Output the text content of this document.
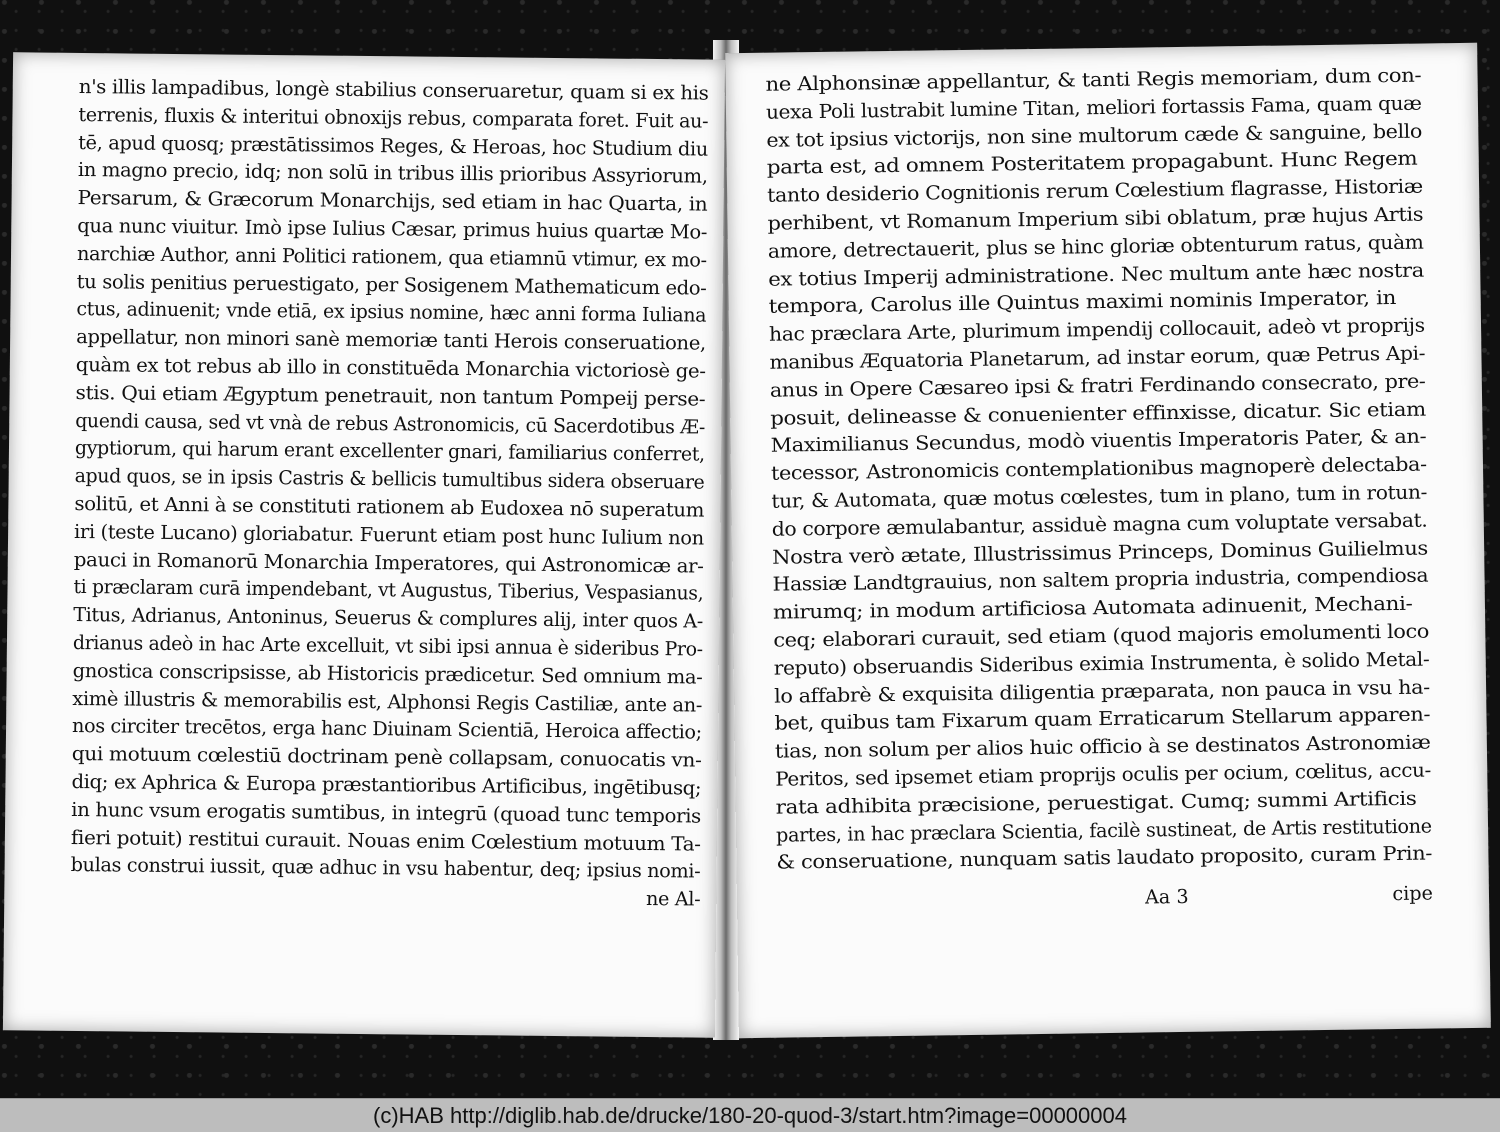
n's illis lampadibus, longè stabilius conseruaretur, quam si ex his
terrenis, fluxis & interitui obnoxijs rebus, comparata foret. Fuit au-
tē, apud quosq; præstātissimos Reges, & Heroas, hoc Studium diu
in magno precio, idq; non solū in tribus illis prioribus Assyriorum,
Persarum, & Græcorum Monarchijs, sed etiam in hac Quarta, in
qua nunc viuitur. Imò ipse Iulius Cæsar, primus huius quartæ Mo-
narchiæ Author, anni Politici rationem, qua etiamnū vtimur, ex mo-
tu solis penitius peruestigato, per Sosigenem Mathematicum edo-
ctus, adinuenit; vnde etiā, ex ipsius nomine, hæc anni forma Iuliana
appellatur, non minori sanè memoriæ tanti Herois conseruatione,
quàm ex tot rebus ab illo in constituēda Monarchia victoriosè ge-
stis. Qui etiam Ægyptum penetrauit, non tantum Pompeij perse-
quendi causa, sed vt vnà de rebus Astronomicis, cū Sacerdotibus Æ-
gyptiorum, qui harum erant excellenter gnari, familiarius conferret,
apud quos, se in ipsis Castris & bellicis tumultibus sidera obseruare
solitū, et Anni à se constituti rationem ab Eudoxea nō superatum
iri (teste Lucano) gloriabatur. Fuerunt etiam post hunc Iulium non
pauci in Romanorū Monarchia Imperatores, qui Astronomicæ ar-
ti præclaram curā impendebant, vt Augustus, Tiberius, Vespasianus,
Titus, Adrianus, Antoninus, Seuerus & complures alij, inter quos A-
drianus adeò in hac Arte excelluit, vt sibi ipsi annua è sideribus Pro-
gnostica conscripsisse, ab Historicis prædicetur. Sed omnium ma-
ximè illustris & memorabilis est, Alphonsi Regis Castiliæ, ante an-
nos circiter trecētos, erga hanc Diuinam Scientiā, Heroica affectio;
qui motuum cœlestiū doctrinam penè collapsam, conuocatis vn-
diq; ex Aphrica & Europa præstantioribus Artificibus, ingētibusq;
in hunc vsum erogatis sumtibus, in integrū (quoad tunc temporis
fieri potuit) restitui curauit. Nouas enim Cœlestium motuum Ta-
bulas construi iussit, quæ adhuc in vsu habentur, deq; ipsius nomi-
ne Al-
ne Alphonsinæ appellantur, & tanti Regis memoriam, dum con-
uexa Poli lustrabit lumine Titan, meliori fortassis Fama, quam quæ
ex tot ipsius victorijs, non sine multorum cæde & sanguine, bello
parta est, ad omnem Posteritatem propagabunt. Hunc Regem
tanto desiderio Cognitionis rerum Cœlestium flagrasse, Historiæ
perhibent, vt Romanum Imperium sibi oblatum, præ hujus Artis
amore, detrectauerit, plus se hinc gloriæ obtenturum ratus, quàm
ex totius Imperij administratione. Nec multum ante hæc nostra
tempora, Carolus ille Quintus maximi nominis Imperator, in
hac præclara Arte, plurimum impendij collocauit, adeò vt proprijs
manibus Æquatoria Planetarum, ad instar eorum, quæ Petrus Api-
anus in Opere Cæsareo ipsi & fratri Ferdinando consecrato, pre-
posuit, delineasse & conuenienter effinxisse, dicatur. Sic etiam
Maximilianus Secundus, modò viuentis Imperatoris Pater, & an-
tecessor, Astronomicis contemplationibus magnoperè delectaba-
tur, & Automata, quæ motus cœlestes, tum in plano, tum in rotun-
do corpore æmulabantur, assiduè magna cum voluptate versabat.
Nostra verò ætate, Illustrissimus Princeps, Dominus Guilielmus
Hassiæ Landtgrauius, non saltem propria industria, compendiosa
mirumq; in modum artificiosa Automata adinuenit, Mechani-
ceq; elaborari curauit, sed etiam (quod majoris emolumenti loco
reputo) obseruandis Sideribus eximia Instrumenta, è solido Metal-
lo affabrè & exquisita diligentia præparata, non pauca in vsu ha-
bet, quibus tam Fixarum quam Erraticarum Stellarum apparen-
tias, non solum per alios huic officio à se destinatos Astronomiæ
Peritos, sed ipsemet etiam proprijs oculis per ocium, cœlitus, accu-
rata adhibita præcisione, peruestigat. Cumq; summi Artificis
partes, in hac præclara Scientia, facilè sustineat, de Artis restitutione
& conseruatione, nunquam satis laudato proposito, curam Prin-
Aa 3	cipe
(c)HAB http://diglib.hab.de/drucke/180-20-quod-3/start.htm?image=00000004
